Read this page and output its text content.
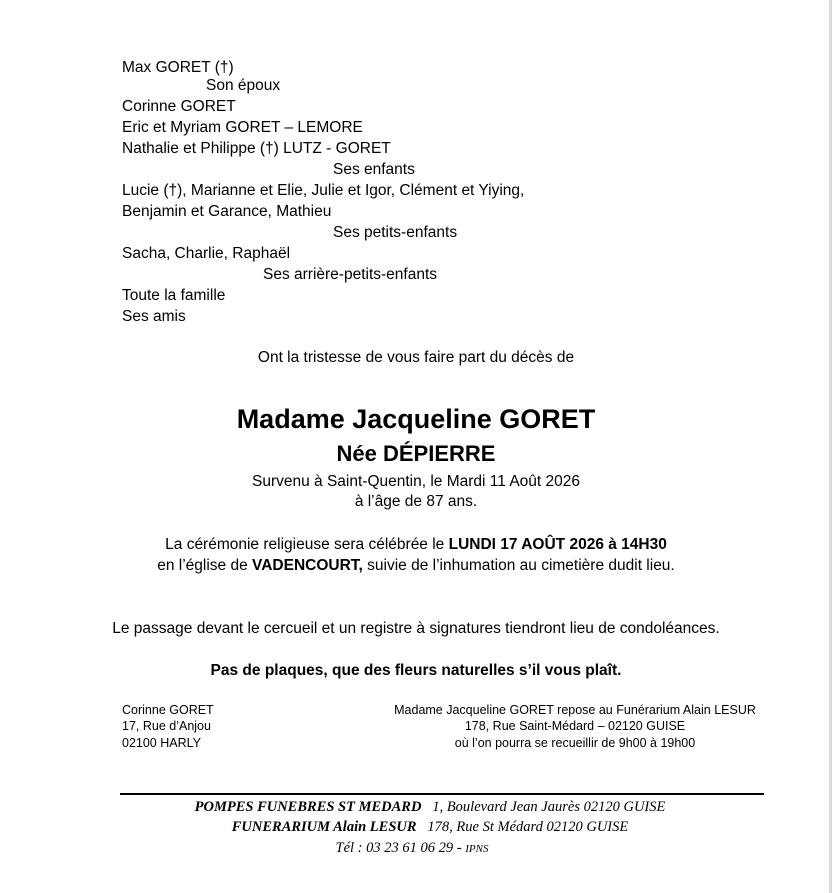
Max GORET (†)
Son époux
Corinne GORET
Eric et Myriam GORET – LEMORE
Nathalie et Philippe (†) LUTZ - GORET
Ses enfants
Lucie (†), Marianne et Elie, Julie et Igor, Clément et Yiying,
Benjamin et Garance, Mathieu
Ses petits-enfants
Sacha, Charlie, Raphaël
Ses arrière-petits-enfants
Toute la famille
Ses amis
Ont la tristesse de vous faire part du décès de
Madame Jacqueline GORET
Née DÉPIERRE
Survenu à Saint-Quentin, le Mardi 11 Août 2026
à l’âge de 87 ans.
La cérémonie religieuse sera célébrée le LUNDI 17 AOÛT 2026 à 14H30
en l’église de VADENCOURT, suivie de l’inhumation au cimetière dudit lieu.
Le passage devant le cercueil et un registre à signatures tiendront lieu de condoléances.
Pas de plaques, que des fleurs naturelles s’il vous plaît.
Corinne GORET
17, Rue d’Anjou
02100 HARLY
Madame Jacqueline GORET repose au Funérarium Alain LESUR
178, Rue Saint-Médard – 02120 GUISE
où l’on pourra se recueillir de 9h00 à 19h00
POMPES FUNEBRES ST MEDARD 1, Boulevard Jean Jaurès 02120 GUISE
FUNERARIUM Alain LESUR 178, Rue St Médard 02120 GUISE
Tél : 03 23 61 06 29 - IPNS
